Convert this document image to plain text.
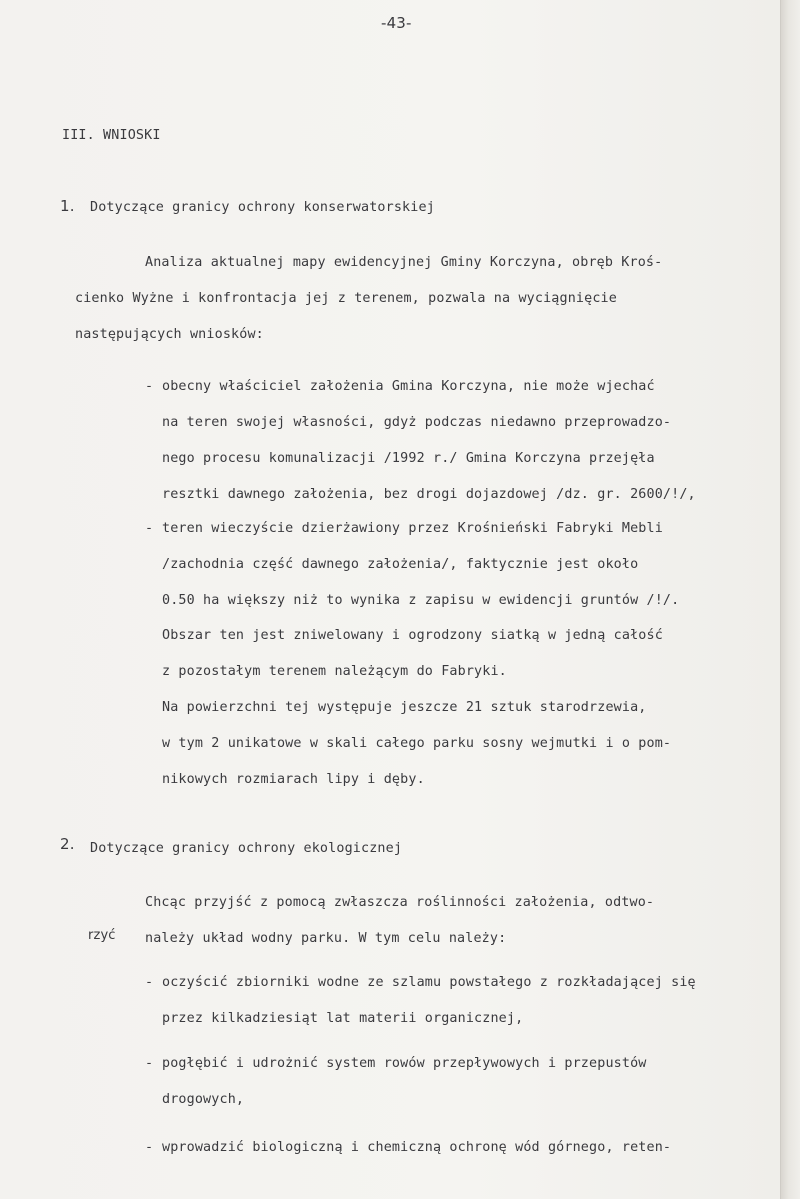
-43-
III. WNIOSKI
1. Dotyczące granicy ochrony konserwatorskiej
Analiza aktualnej mapy ewidencyjnej Gminy Korczyna, obręb Kroś-
cienko Wyżne i konfrontacja jej z terenem, pozwala na wyciągnięcie
następujących wniosków:
- obecny właściciel założenia Gmina Korczyna, nie może wjechać
na teren swojej własności, gdyż podczas niedawno przeprowadzo-
nego procesu komunalizacji /1992 r./ Gmina Korczyna przejęła
resztki dawnego założenia, bez drogi dojazdowej /dz. gr. 2600/!/,
- teren wieczyście dzierżawiony przez Krośnieński Fabryki Mebli
/zachodnia część dawnego założenia/, faktycznie jest około
0.50 ha większy niż to wynika z zapisu w ewidencji gruntów /!/.
Obszar ten jest zniwelowany i ogrodzony siatką w jedną całość
z pozostałym terenem należącym do Fabryki.
Na powierzchni tej występuje jeszcze 21 sztuk starodrzewia,
w tym 2 unikatowe w skali całego parku sosny wejmutki i o pom-
nikowych rozmiarach lipy i dęby.
2. Dotyczące granicy ochrony ekologicznej
Chcąc przyjść z pomocą zwłaszcza roślinności założenia, odtwo-
rzyć należy układ wodny parku. W tym celu należy:
- oczyścić zbiorniki wodne ze szlamu powstałego z rozkładającej się
przez kilkadziesiąt lat materii organicznej,
- pogłębić i udrożnić system rowów przepływowych i przepustów
drogowych,
- wprowadzić biologiczną i chemiczną ochronę wód górnego, reten-
